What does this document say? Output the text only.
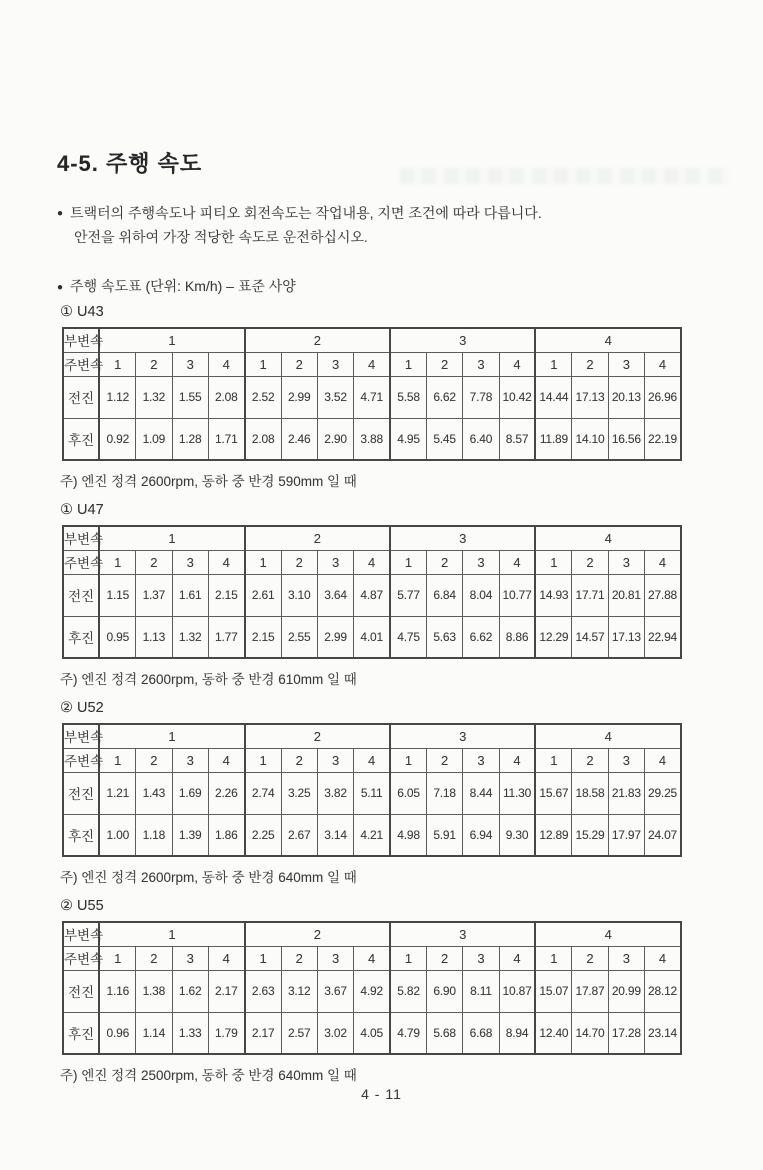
4-5. 주행 속도
● 트랙터의 주행속도나 피티오 회전속도는 작업내용, 지면 조건에 따라 다릅니다.
안전을 위하여 가장 적당한 속도로 운전하십시오.
● 주행 속도표 (단위: Km/h) – 표준 사양
① U43
부변속	1				2				3				4			
주변속	1	2	3	4	1	2	3	4	1	2	3	4	1	2	3	4
전진	1.12	1.32	1.55	2.08	2.52	2.99	3.52	4.71	5.58	6.62	7.78	10.42	14.44	17.13	20.13	26.96
후진	0.92	1.09	1.28	1.71	2.08	2.46	2.90	3.88	4.95	5.45	6.40	8.57	11.89	14.10	16.56	22.19
주) 엔진 정격 2600rpm, 동하 중 반경 590mm 일 때
① U47
부변속	1				2				3				4			
주변속	1	2	3	4	1	2	3	4	1	2	3	4	1	2	3	4
전진	1.15	1.37	1.61	2.15	2.61	3.10	3.64	4.87	5.77	6.84	8.04	10.77	14.93	17.71	20.81	27.88
후진	0.95	1.13	1.32	1.77	2.15	2.55	2.99	4.01	4.75	5.63	6.62	8.86	12.29	14.57	17.13	22.94
주) 엔진 정격 2600rpm, 동하 중 반경 610mm 일 때
② U52
부변속	1				2				3				4			
주변속	1	2	3	4	1	2	3	4	1	2	3	4	1	2	3	4
전진	1.21	1.43	1.69	2.26	2.74	3.25	3.82	5.11	6.05	7.18	8.44	11.30	15.67	18.58	21.83	29.25
후진	1.00	1.18	1.39	1.86	2.25	2.67	3.14	4.21	4.98	5.91	6.94	9.30	12.89	15.29	17.97	24.07
주) 엔진 정격 2600rpm, 동하 중 반경 640mm 일 때
② U55
부변속	1				2				3				4			
주변속	1	2	3	4	1	2	3	4	1	2	3	4	1	2	3	4
전진	1.16	1.38	1.62	2.17	2.63	3.12	3.67	4.92	5.82	6.90	8.11	10.87	15.07	17.87	20.99	28.12
후진	0.96	1.14	1.33	1.79	2.17	2.57	3.02	4.05	4.79	5.68	6.68	8.94	12.40	14.70	17.28	23.14
주) 엔진 정격 2500rpm, 동하 중 반경 640mm 일 때
4 - 11
